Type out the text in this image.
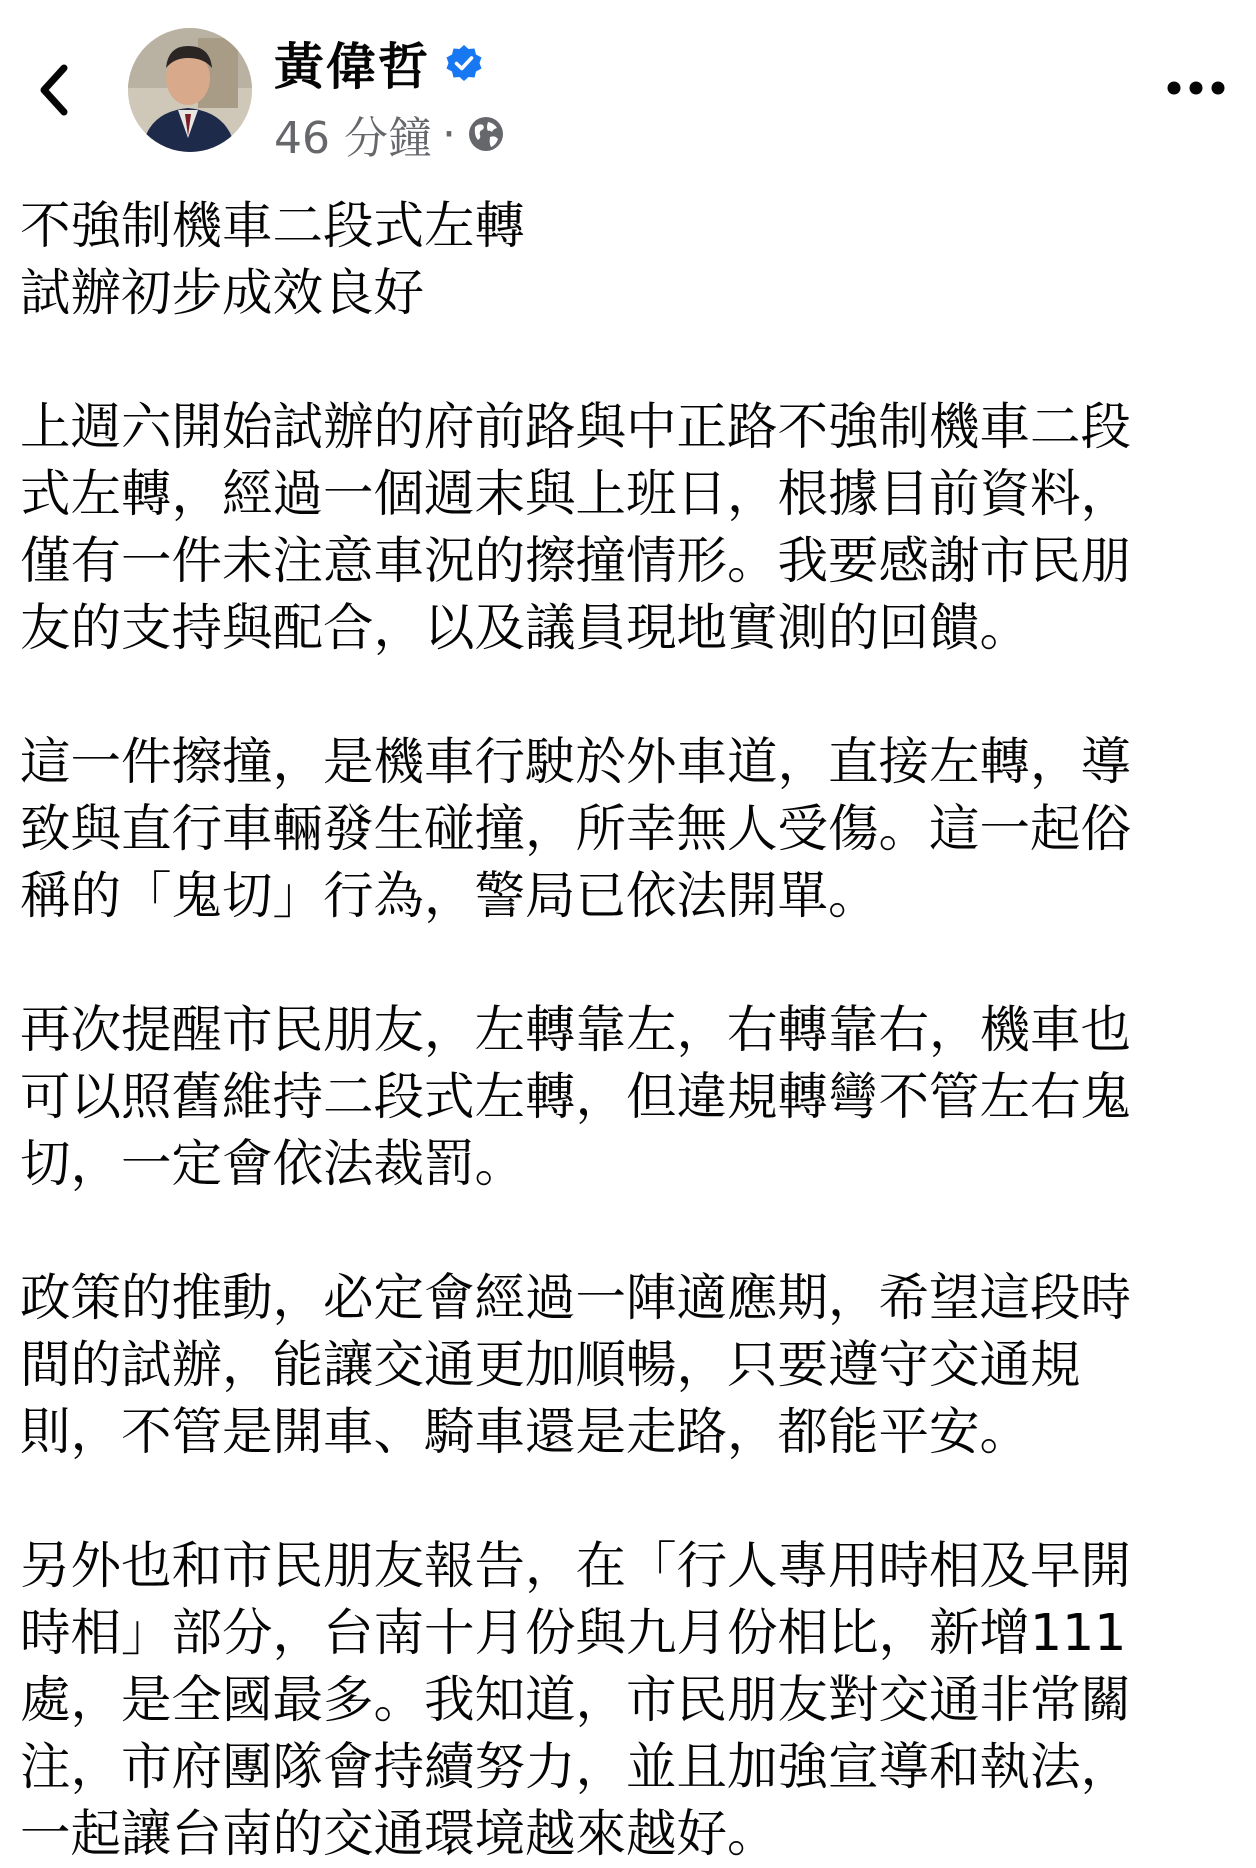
黃偉哲
46 分鐘 ·

不強制機車二段式左轉
試辦初步成效良好

上週六開始試辦的府前路與中正路不強制機車二段
式左轉，經過一個週末與上班日，根據目前資料，
僅有一件未注意車況的擦撞情形。我要感謝市民朋
友的支持與配合，以及議員現地實測的回饋。

這一件擦撞，是機車行駛於外車道，直接左轉，導
致與直行車輛發生碰撞，所幸無人受傷。這一起俗
稱的「鬼切」行為，警局已依法開單。

再次提醒市民朋友，左轉靠左，右轉靠右，機車也
可以照舊維持二段式左轉，但違規轉彎不管左右鬼
切，一定會依法裁罰。

政策的推動，必定會經過一陣適應期，希望這段時
間的試辦，能讓交通更加順暢，只要遵守交通規
則，不管是開車、騎車還是走路，都能平安。

另外也和市民朋友報告，在「行人專用時相及早開
時相」部分，台南十月份與九月份相比，新增111
處，是全國最多。我知道，市民朋友對交通非常關
注，市府團隊會持續努力，並且加強宣導和執法，
一起讓台南的交通環境越來越好。
